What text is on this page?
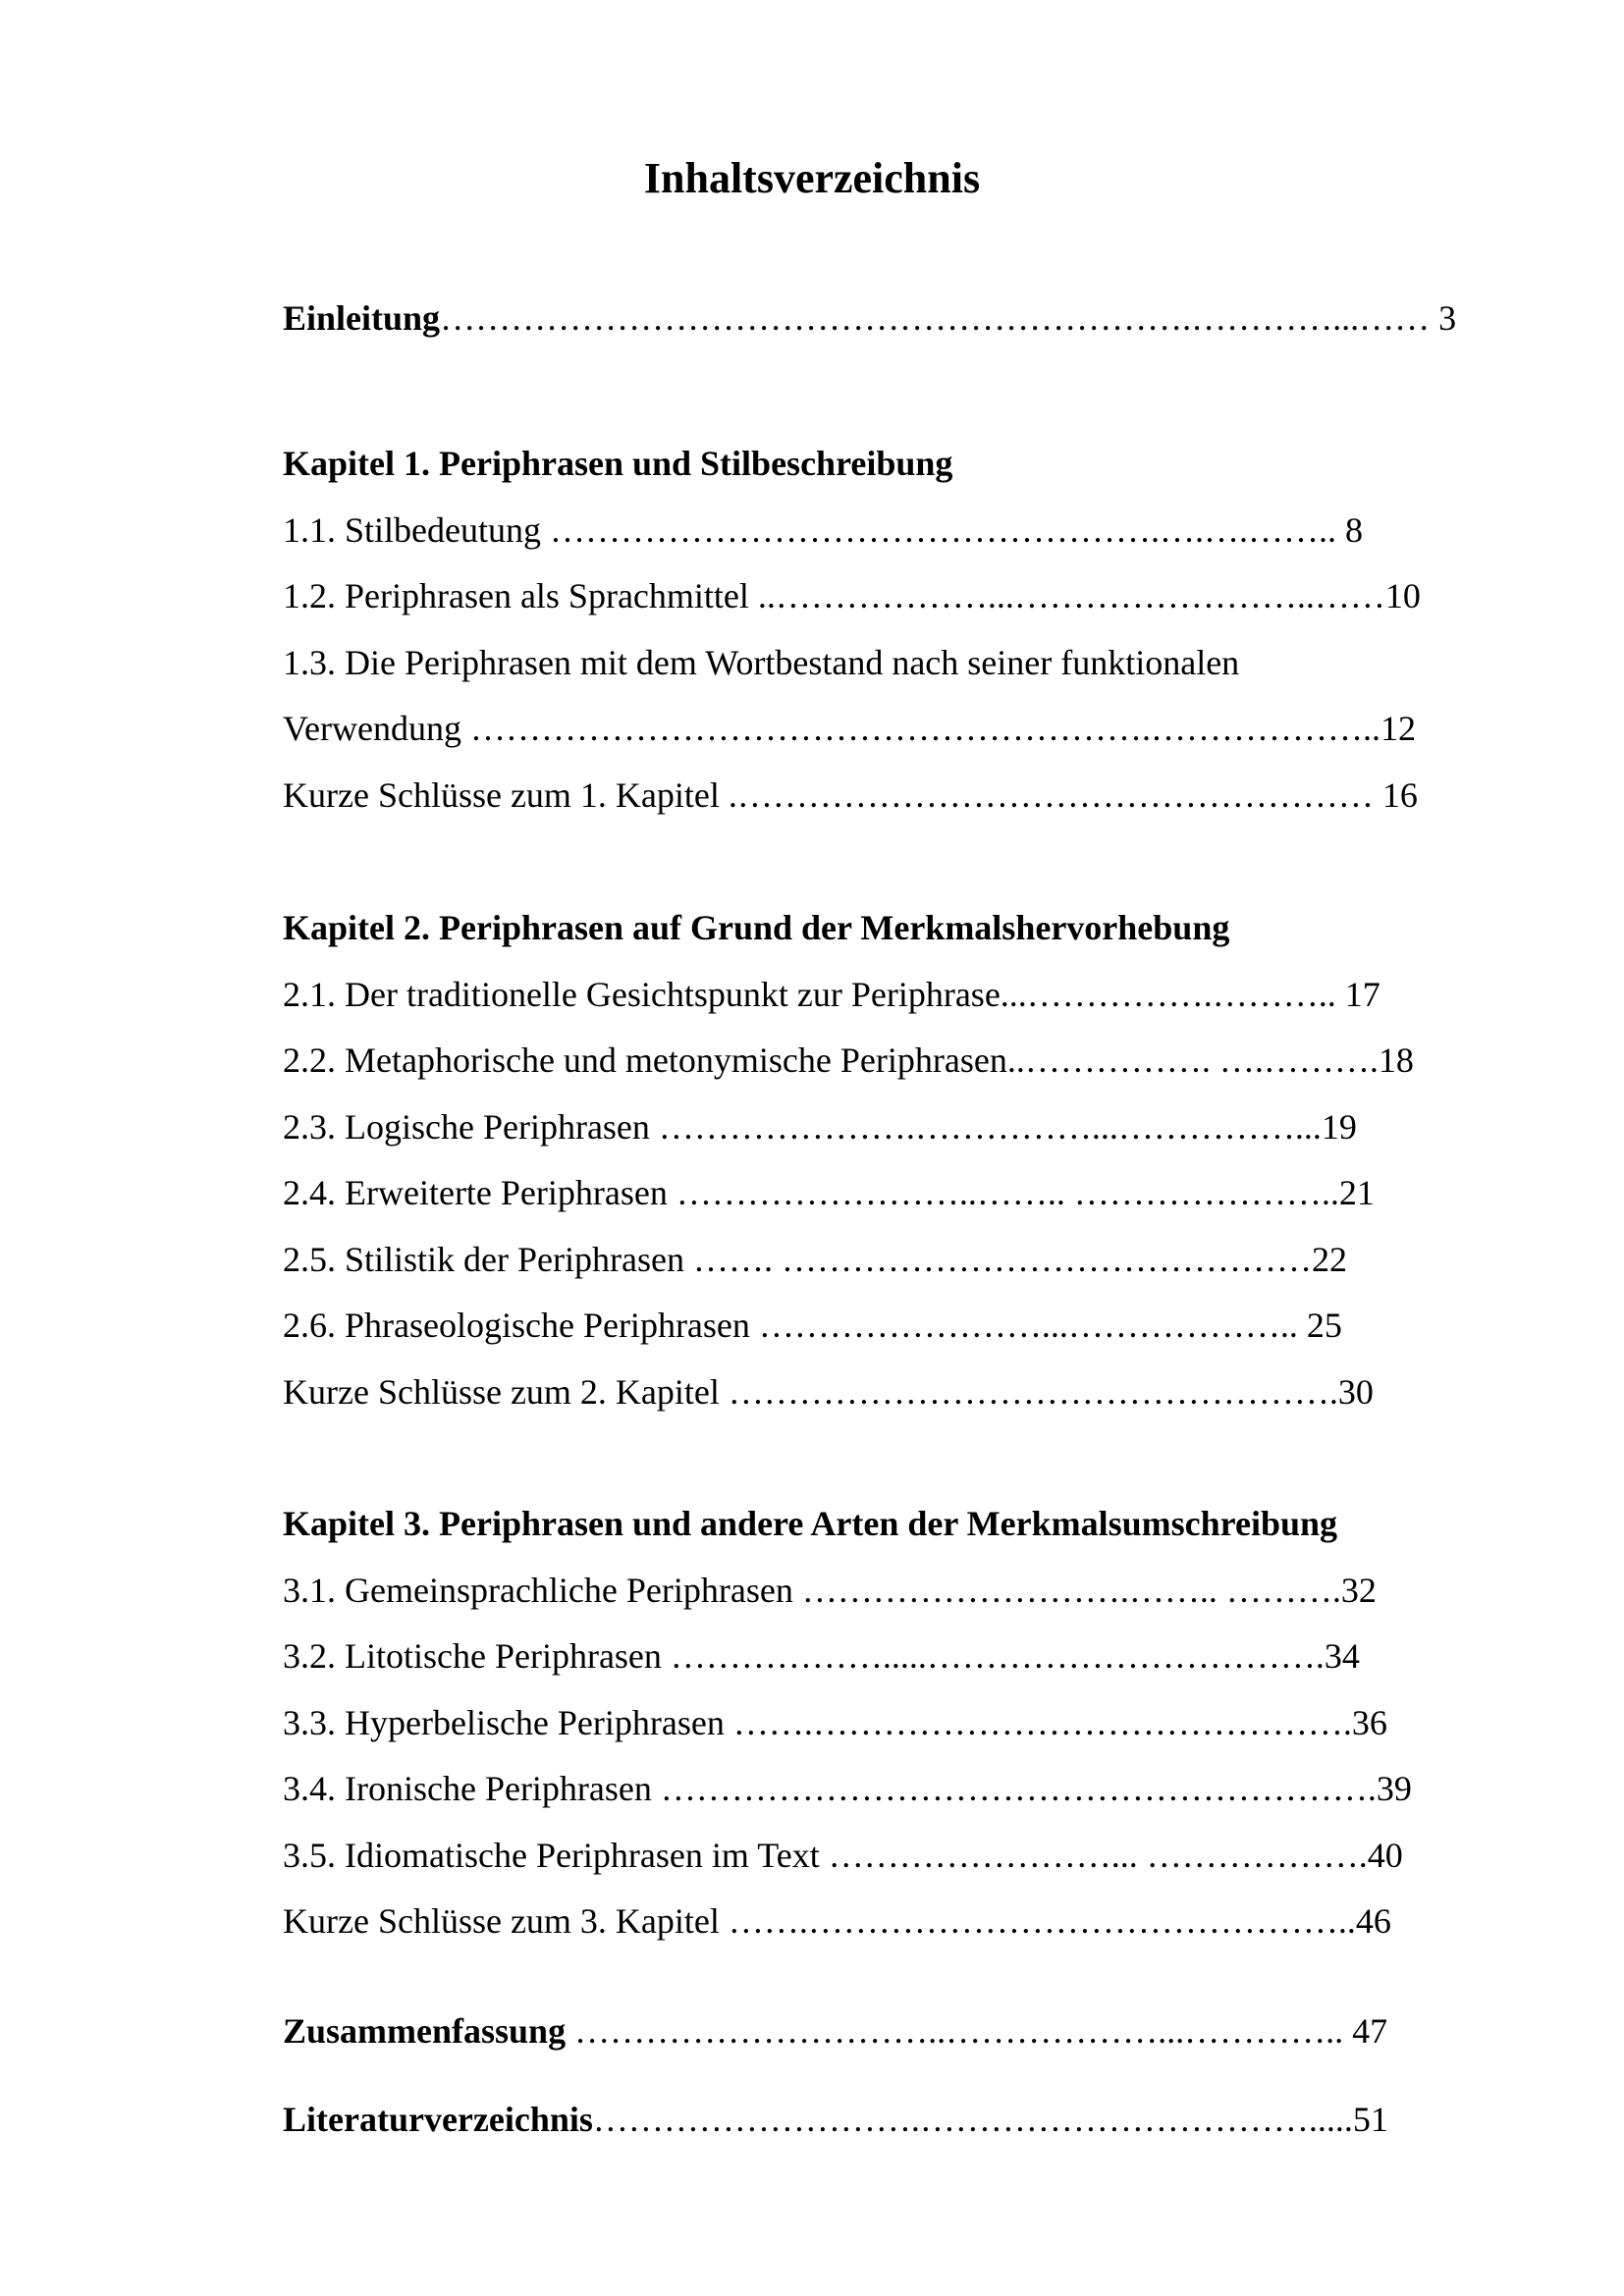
Inhaltsverzeichnis
Einleitung……………………………………………………….…………...…… 3
Kapitel 1. Periphrasen und Stilbeschreibung
1.1. Stilbedeutung …………………………………………….….….…….. 8
1.2. Periphrasen als Sprachmittel ..………………...……………………..……10
1.3. Die Periphrasen mit dem Wortbestand nach seiner funktionalen
Verwendung ………………………………………………….………………..12
Kurze Schlüsse zum 1. Kapitel .……………………………………………… 16
Kapitel 2. Periphrasen auf Grund der Merkmalshervorhebung
2.1. Der traditionelle Gesichtspunkt zur Periphrase...…………….……….. 17
2.2. Metaphorische und metonymische Periphrasen..……………. ….……….18
2.3. Logische Periphrasen ………………….……………...……………...19
2.4. Erweiterte Periphrasen ……………………..…….. …………………..21
2.5. Stilistik der Periphrasen ……. ………………………………………22
2.6. Phraseologische Periphrasen ……………………...……………….. 25
Kurze Schlüsse zum 2. Kapitel …………………………………………….30
Kapitel 3. Periphrasen und andere Arten der Merkmalsumschreibung
3.1. Gemeinsprachliche Periphrasen ……………………….…….. ……….32
3.2. Litotische Periphrasen ……………….....…………………………….34
3.3. Hyperbelische Periphrasen …….……………………………………….36
3.4. Ironische Periphrasen …………………………………………………….39
3.5. Idiomatische Periphrasen im Text ……………………... ……………….40
Kurze Schlüsse zum 3. Kapitel …….………………………………………..46
Zusammenfassung …………………………..………………...………….. 47
Literaturverzeichnis……………………….…………………………….....51
